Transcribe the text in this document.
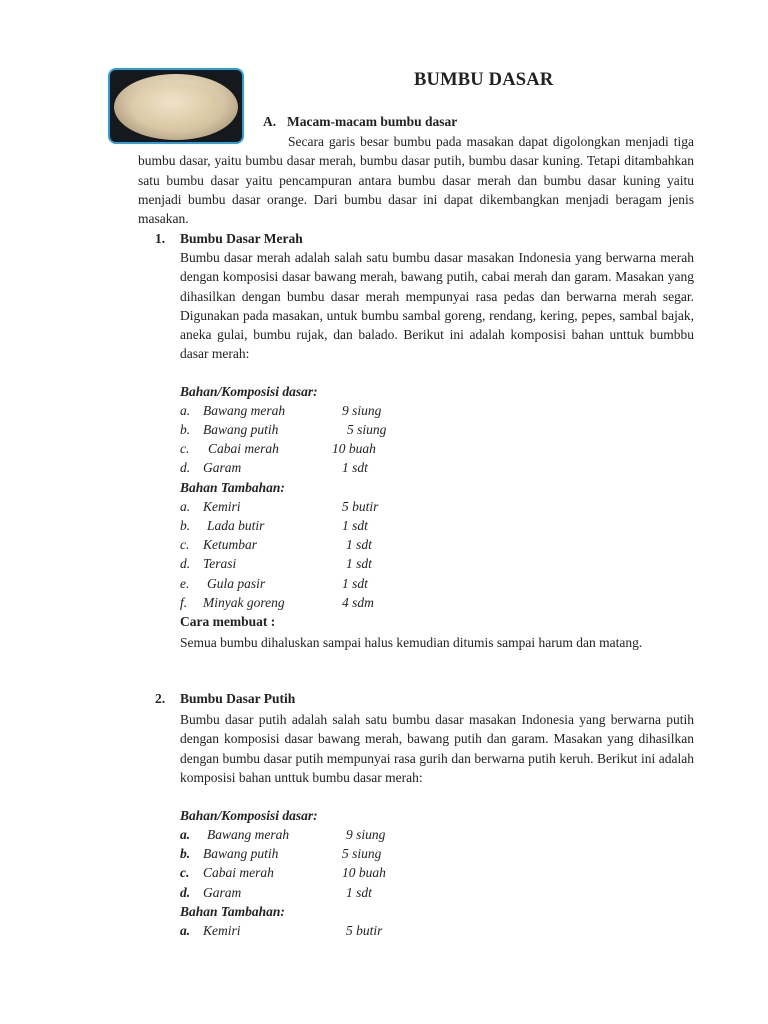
BUMBU DASAR
A. Macam-macam bumbu dasar

Secara garis besar bumbu pada masakan dapat digolongkan menjadi tiga bumbu dasar, yaitu bumbu dasar merah, bumbu dasar putih, bumbu dasar kuning. Tetapi ditambahkan satu bumbu dasar yaitu pencampuran antara bumbu dasar merah dan bumbu dasar kuning yaitu menjadi bumbu dasar orange. Dari bumbu dasar ini dapat dikembangkan menjadi beragam jenis masakan.

1. Bumbu Dasar Merah

Bumbu dasar merah adalah salah satu bumbu dasar masakan Indonesia yang berwarna merah dengan komposisi dasar bawang merah, bawang putih, cabai merah dan garam. Masakan yang dihasilkan dengan bumbu dasar merah mempunyai rasa pedas dan berwarna merah segar. Digunakan pada masakan, untuk bumbu sambal goreng, rendang, kering, pepes, sambal bajak, aneka gulai, bumbu rujak, dan balado. Berikut ini adalah komposisi bahan unttuk bumbbu dasar merah:

Bahan/Komposisi dasar:
a. Bawang merah	9 siung
b. Bawang putih	5 siung
c. Cabai merah	10 buah
d. Garam	1 sdt
Bahan Tambahan:
a. Kemiri	5 butir
b. Lada butir	1 sdt
c. Ketumbar	1 sdt
d. Terasi	1 sdt
e. Gula pasir	1 sdt
f. Minyak goreng	4 sdm
Cara membuat :

Semua bumbu dihaluskan sampai halus kemudian ditumis sampai harum dan matang.

2. Bumbu Dasar Putih

Bumbu dasar putih adalah salah satu bumbu dasar masakan Indonesia yang berwarna putih dengan komposisi dasar bawang merah, bawang putih dan garam. Masakan yang dihasilkan dengan bumbu dasar putih mempunyai rasa gurih dan berwarna putih keruh. Berikut ini adalah komposisi bahan unttuk bumbu dasar merah:

Bahan/Komposisi dasar:
a. Bawang merah	9 siung
b. Bawang putih	5 siung
c. Cabai merah	10 buah
d. Garam	1 sdt
Bahan Tambahan:
a. Kemiri	5 butir
